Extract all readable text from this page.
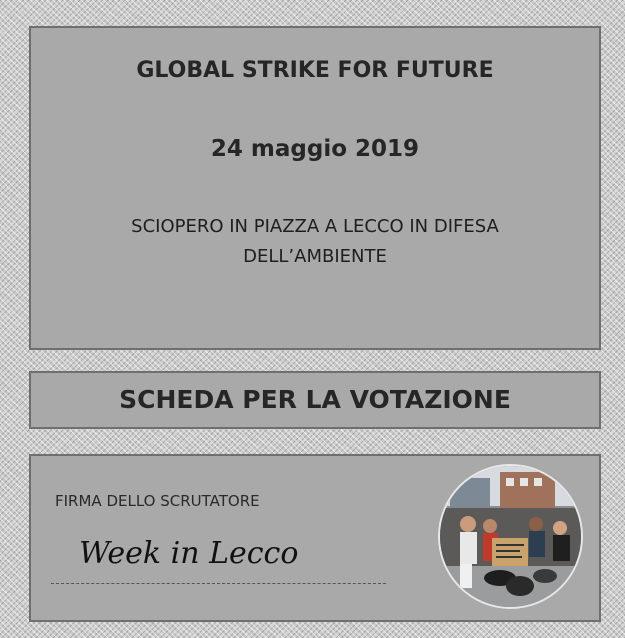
GLOBAL STRIKE FOR FUTURE
24 maggio 2019
SCIOPERO IN PIAZZA A LECCO IN DIFESA
DELL’AMBIENTE
SCHEDA PER LA VOTAZIONE
FIRMA DELLO SCRUTATORE
Week in Lecco
